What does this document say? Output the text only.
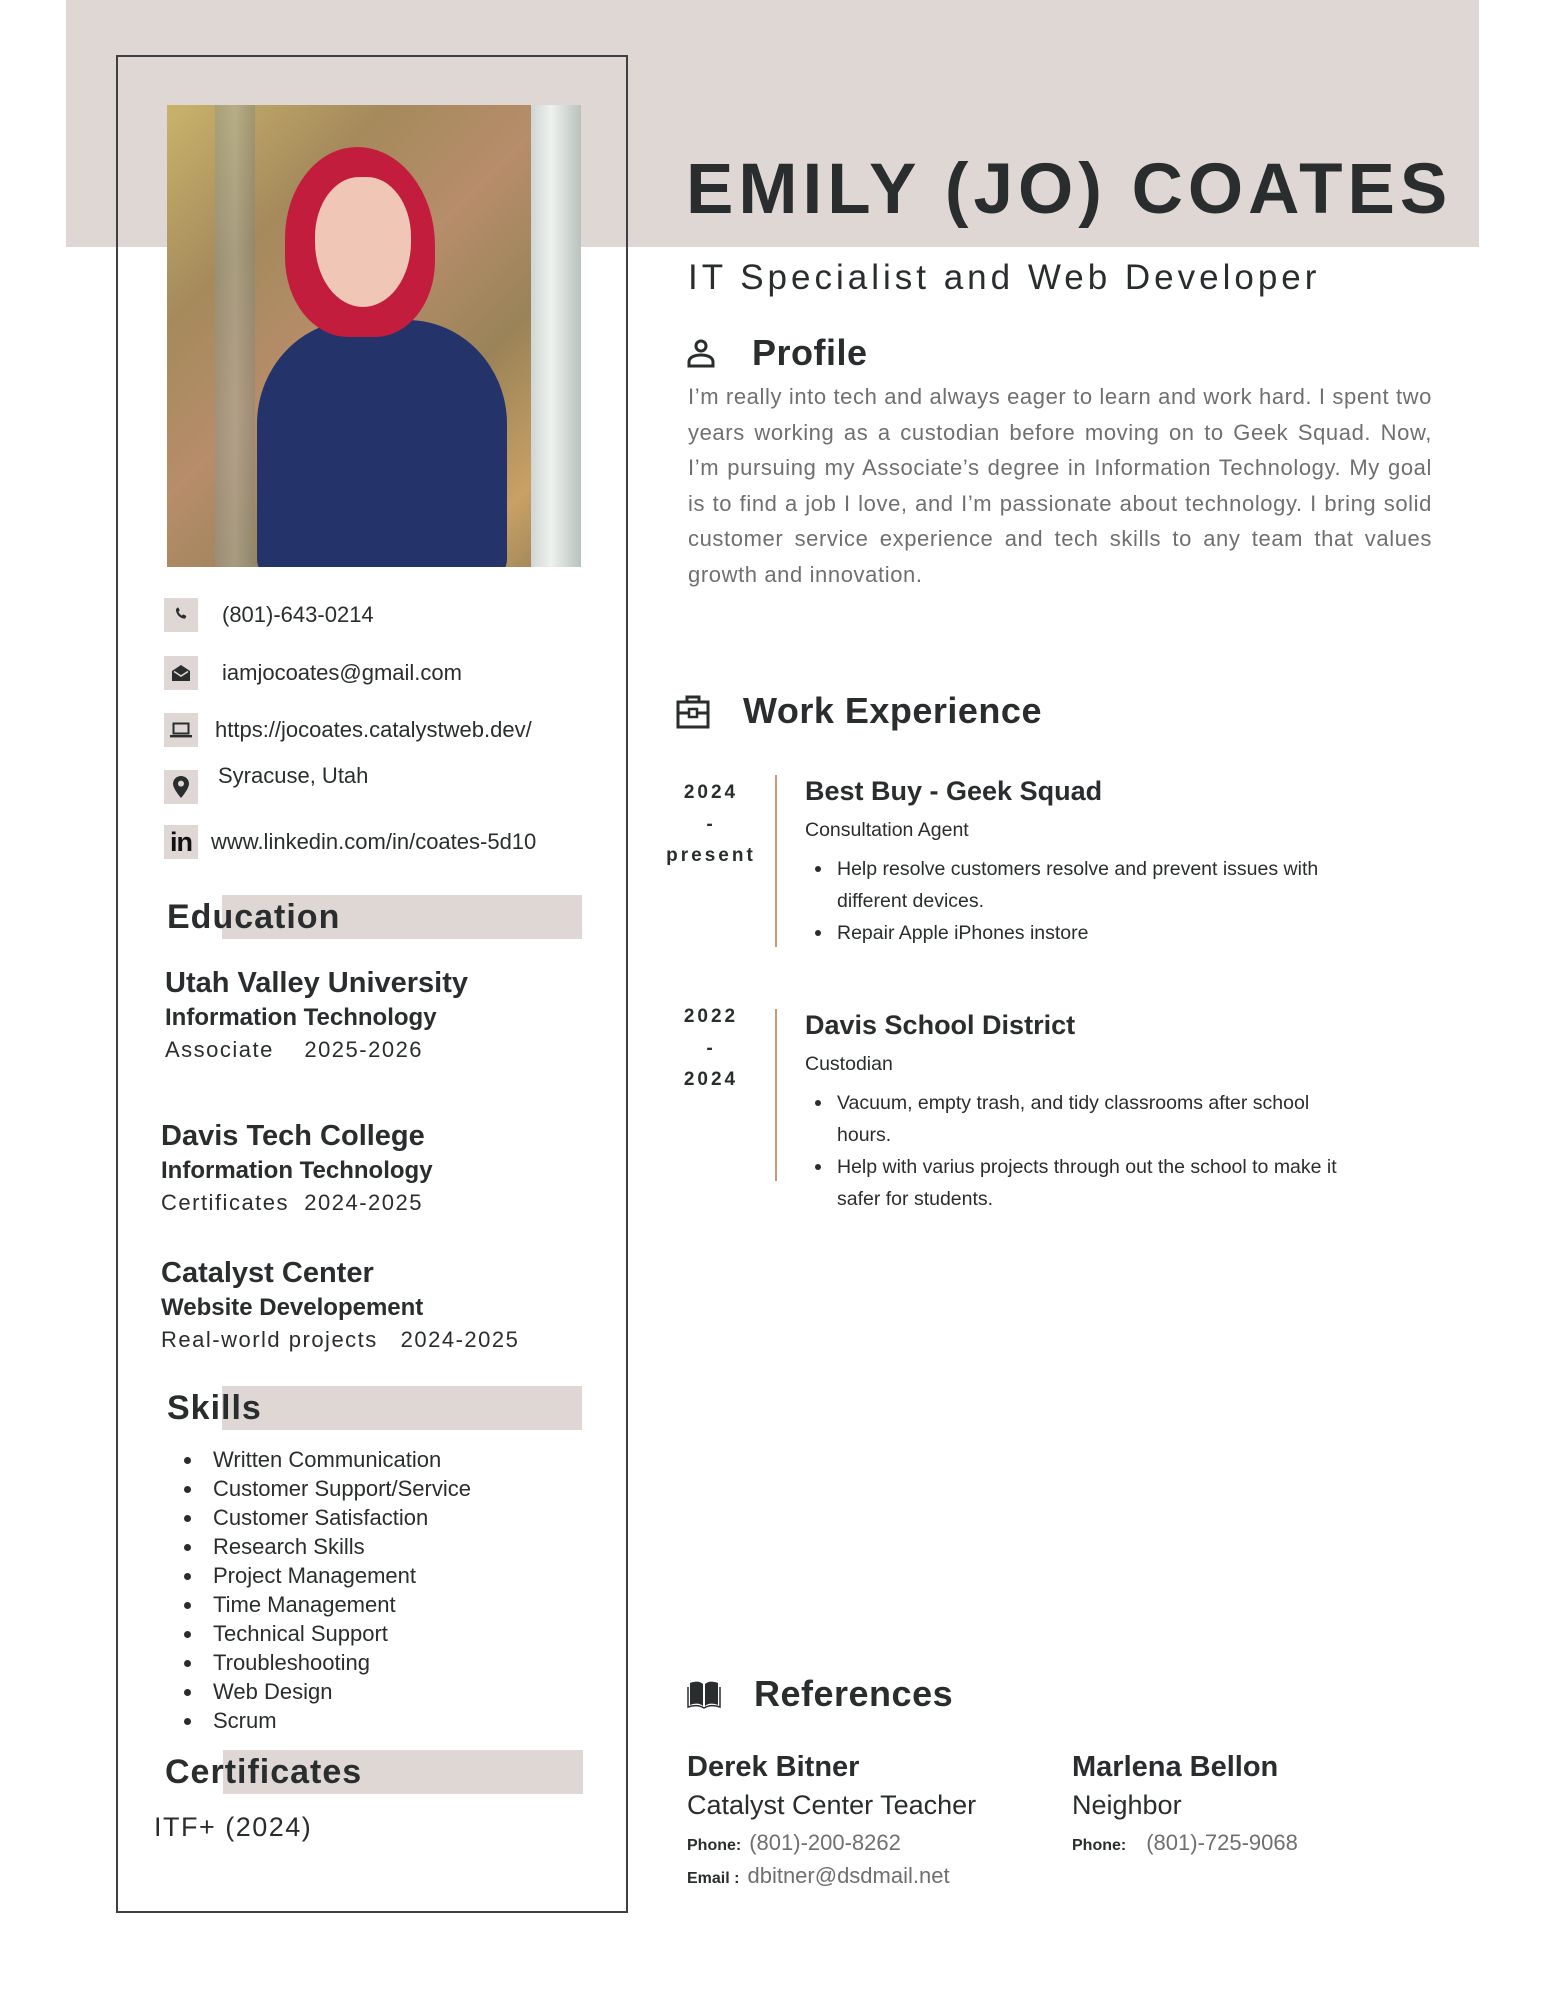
(801)-643-0214
iamjocoates@gmail.com
https://jocoates.catalystweb.dev/
Syracuse, Utah
in www.linkedin.com/in/coates-5d10
Education
Utah Valley University
Information Technology
Associate    2025-2026
Davis Tech College
Information Technology
Certificates  2024-2025
Catalyst Center
Website Developement
Real-world projects   2024-2025
Skills
Written Communication
Customer Support/Service
Customer Satisfaction
Research Skills
Project Management
Time Management
Technical Support
Troubleshooting
Web Design
Scrum
Certificates
ITF+ (2024)
EMILY (JO) COATES
IT Specialist and Web Developer
Profile

I’m really into tech and always eager to learn and work hard. I spent two years working as a custodian before moving on to Geek Squad. Now, I’m pursuing my Associate’s degree in Information Technology. My goal is to find a job I love, and I’m passionate about technology. I bring solid customer service experience and tech skills to any team that values growth and innovation.

Work Experience
2024
-
present
Best Buy - Geek Squad
Consultation Agent
Help resolve customers resolve and prevent issues with different devices.
Repair Apple iPhones instore
2022
-
2024
Davis School District
Custodian
Vacuum, empty trash, and tidy classrooms after school hours.
Help with varius projects through out the school to make it safer for students.
References
Derek Bitner
Catalyst Center Teacher
Phone: (801)-200-8262
Email : dbitner@dsdmail.net
Marlena Bellon
Neighbor
Phone: (801)-725-9068
